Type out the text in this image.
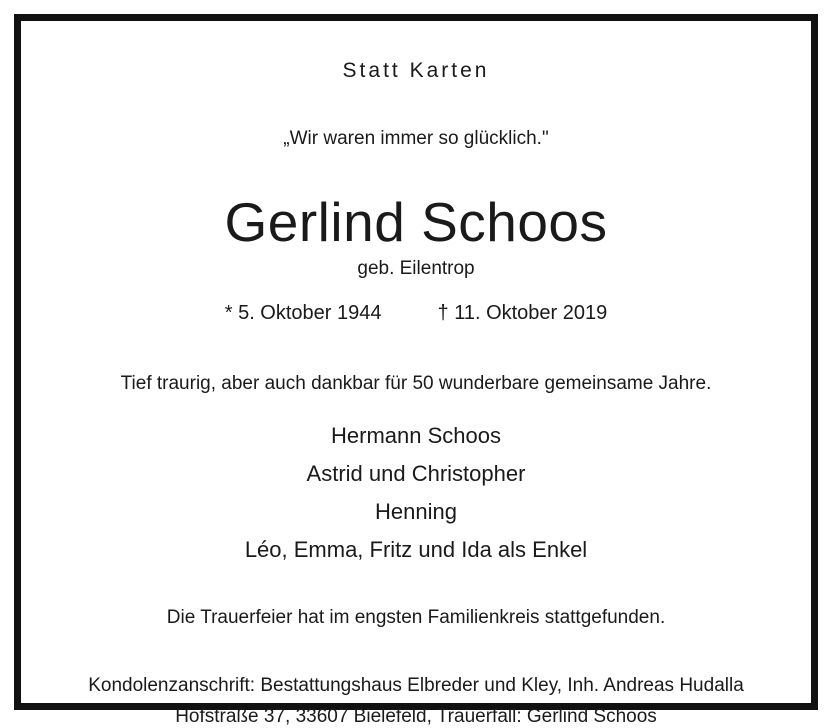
Statt Karten
„Wir waren immer so glücklich."
Gerlind Schoos
geb. Eilentrop
* 5. Oktober 1944	† 11. Oktober 2019
Tief traurig, aber auch dankbar für 50 wunderbare gemeinsame Jahre.
Hermann Schoos
Astrid und Christopher
Henning
Léo, Emma, Fritz und Ida als Enkel
Die Trauerfeier hat im engsten Familienkreis stattgefunden.
Kondolenzanschrift: Bestattungshaus Elbreder und Kley, Inh. Andreas Hudalla
Hofstraße 37, 33607 Bielefeld, Trauerfall: Gerlind Schoos
